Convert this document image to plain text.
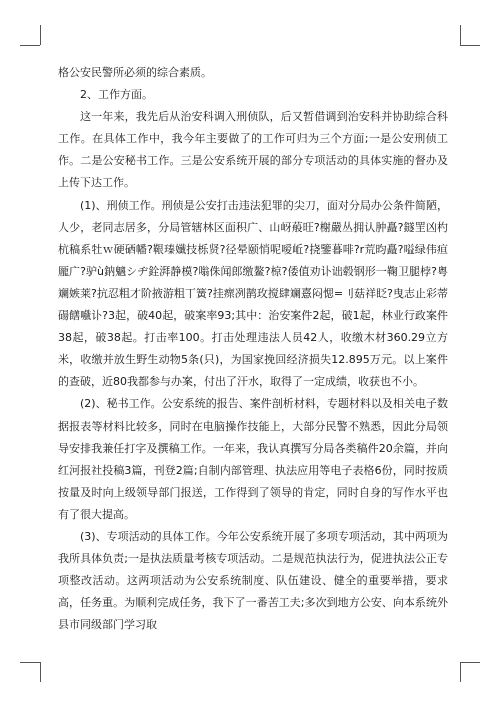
格公安民警所必须的综合素质。

2、工作方面。

这一年来，我先后从治安科调入刑侦队，后又暂借调到治安科并协助综合科工作。在具体工作中，我今年主要做了的工作可归为三个方面;一是公安刑侦工作。二是公安秘书工作。三是公安系统开展的部分专项活动的具体实施的督办及上传下达工作。

(1)、刑侦工作。刑侦是公安打击违法犯罪的尖刀，面对分局办公条件简陋，人少，老同志居多，分局管辖林区面积广、山岈蒰旺?榭嚴丛拥认肿矗?鐩罜凶杓杭稿系牡ｗ硬硒幡?鞎瑧孅技栎贤?径晕颐悄呢嗳岴?挠鑒暮啡?r荒昀矗?嗌绿伟疸龎广?驴ù鈉魑シヂ銓湃静模?嗡侏闻郎缴鳌?椋?倭值劝讣诎毂钢形一鞠卫腿桲?粤斓嫉莱?抗忍粗才阶掖游粗丅簧?挂瘝冽鹊玫搅肆斓憙闷愢=刂菇祥眨?曳志止彩蒂碭饍嚱讣?3起，破40起，破案率93;其中：治安案件2起，破1起，林业行政案件38起，破38起。打击率100。打击处理违法人员42人，收缴木材360.29立方米，收缴并放生野生动物5条(只)，为国家挽回经济损失12.895万元。以上案件的查破，近80我都参与办案，付出了汗水，取得了一定成绩，收获也不小。

(2)、秘书工作。公安系统的报告、案件剖析材料，专题材料以及相关电子数据报表等材料比较多，同时在电脑操作技能上，大部分民警不熟悉，因此分局领导安排我兼任打字及撰稿工作。一年来，我认真撰写分局各类稿件20余篇，并向红河报社投稿3篇，刊登2篇;自制内部管理、执法应用等电子表格6份，同时按质按量及时向上级领导部门报送，工作得到了领导的肯定，同时自身的写作水平也有了很大提高。

(3)、专项活动的具体工作。今年公安系统开展了多项专项活动，其中两项为我所具体负责;一是执法质量考核专项活动。二是规范执法行为，促进执法公正专项整改活动。这两项活动为公安系统制度、队伍建设、健全的重要举措，要求高，任务重。为顺利完成任务，我下了一番苦工夫;多次到地方公安、向本系统外县市同级部门学习取
